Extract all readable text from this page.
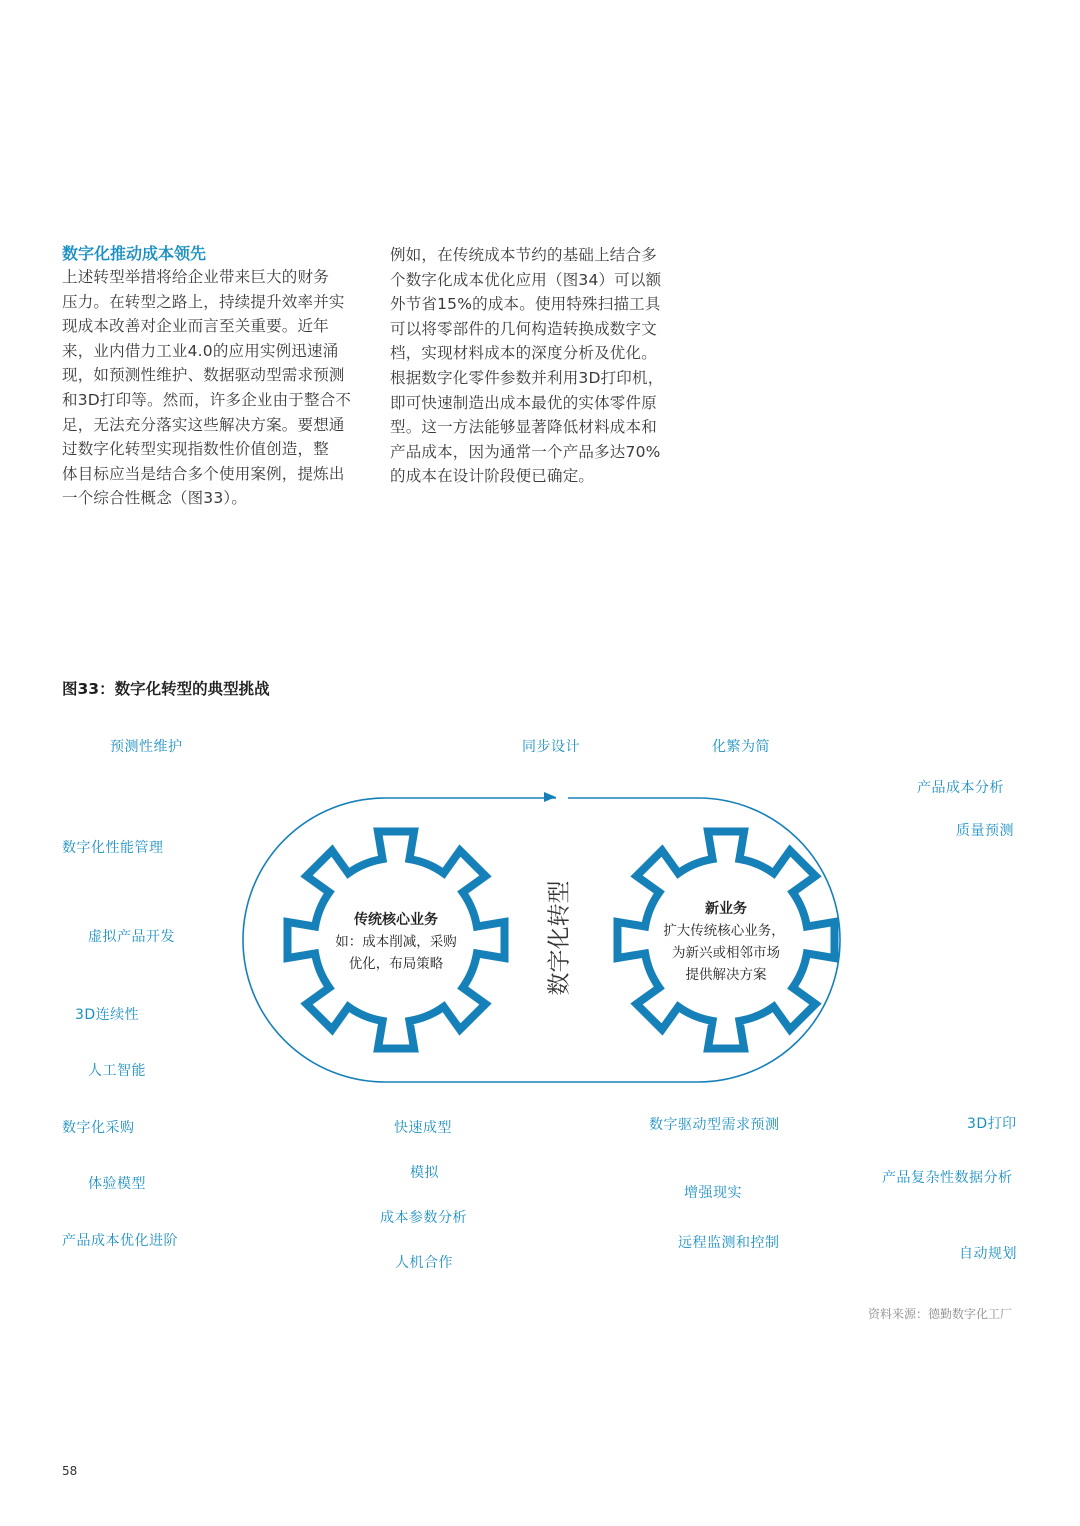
数字化推动成本领先
上述转型举措将给企业带来巨大的财务
压力。在转型之路上，持续提升效率并实
现成本改善对企业而言至关重要。近年
来，业内借力工业4.0的应用实例迅速涌
现，如预测性维护、数据驱动型需求预测
和3D打印等。然而，许多企业由于整合不
足，无法充分落实这些解决方案。要想通
过数字化转型实现指数性价值创造，整
体目标应当是结合多个使用案例，提炼出
一个综合性概念（图33）。
例如，在传统成本节约的基础上结合多
个数字化成本优化应用（图34）可以额
外节省15%的成本。使用特殊扫描工具
可以将零部件的几何构造转换成数字文
档，实现材料成本的深度分析及优化。
根据数字化零件参数并利用3D打印机，
即可快速制造出成本最优的实体零件原
型。这一方法能够显著降低材料成本和
产品成本，因为通常一个产品多达70%
的成本在设计阶段便已确定。
图33：数字化转型的典型挑战
传统核心业务
如：成本削减，采购
优化，布局策略
新业务
扩大传统核心业务，
为新兴或相邻市场
提供解决方案
数字化转型
预测性维护
数字化性能管理
虚拟产品开发
3D连续性
人工智能
数字化采购
体验模型
产品成本优化进阶
同步设计	化繁为简
产品成本分析
质量预测
快速成型
模拟
成本参数分析
人机合作
数字驱动型需求预测
增强现实
远程监测和控制
3D打印
产品复杂性数据分析
自动规划
资料来源：德勤数字化工厂
58
